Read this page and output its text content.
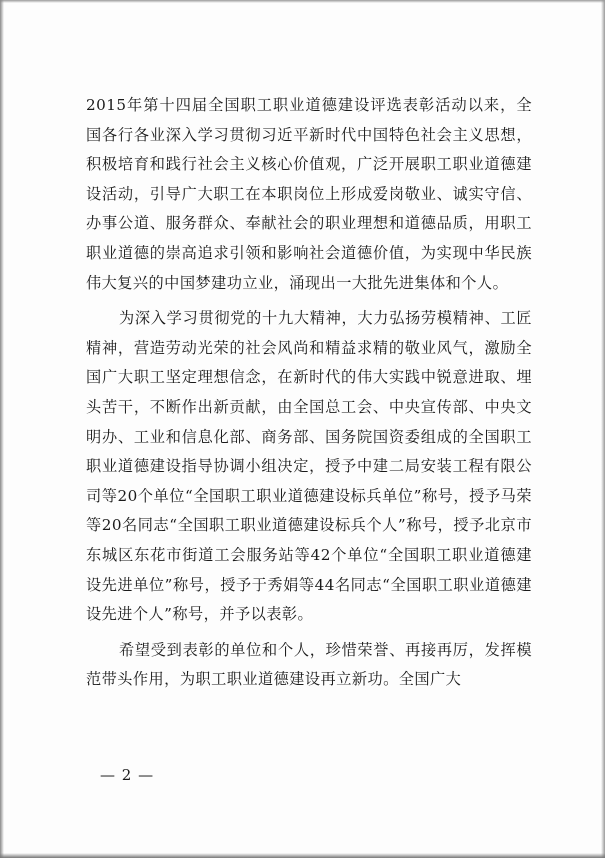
2015年第十四届全国职工职业道德建设评选表彰活动以来，全国各行各业深入学习贯彻习近平新时代中国特色社会主义思想，积极培育和践行社会主义核心价值观，广泛开展职工职业道德建设活动，引导广大职工在本职岗位上形成爱岗敬业、诚实守信、办事公道、服务群众、奉献社会的职业理想和道德品质，用职工职业道德的崇高追求引领和影响社会道德价值，为实现中华民族伟大复兴的中国梦建功立业，涌现出一大批先进集体和个人。

为深入学习贯彻党的十九大精神，大力弘扬劳模精神、工匠精神，营造劳动光荣的社会风尚和精益求精的敬业风气，激励全国广大职工坚定理想信念，在新时代的伟大实践中锐意进取、埋头苦干，不断作出新贡献，由全国总工会、中央宣传部、中央文明办、工业和信息化部、商务部、国务院国资委组成的全国职工职业道德建设指导协调小组决定，授予中建二局安装工程有限公司等20个单位“全国职工职业道德建设标兵单位”称号，授予马荣等20名同志“全国职工职业道德建设标兵个人”称号，授予北京市东城区东花市街道工会服务站等42个单位“全国职工职业道德建设先进单位”称号，授予于秀娟等44名同志“全国职工职业道德建设先进个人”称号，并予以表彰。

希望受到表彰的单位和个人，珍惜荣誉、再接再厉，发挥模范带头作用，为职工职业道德建设再立新功。全国广大

— 2 —
